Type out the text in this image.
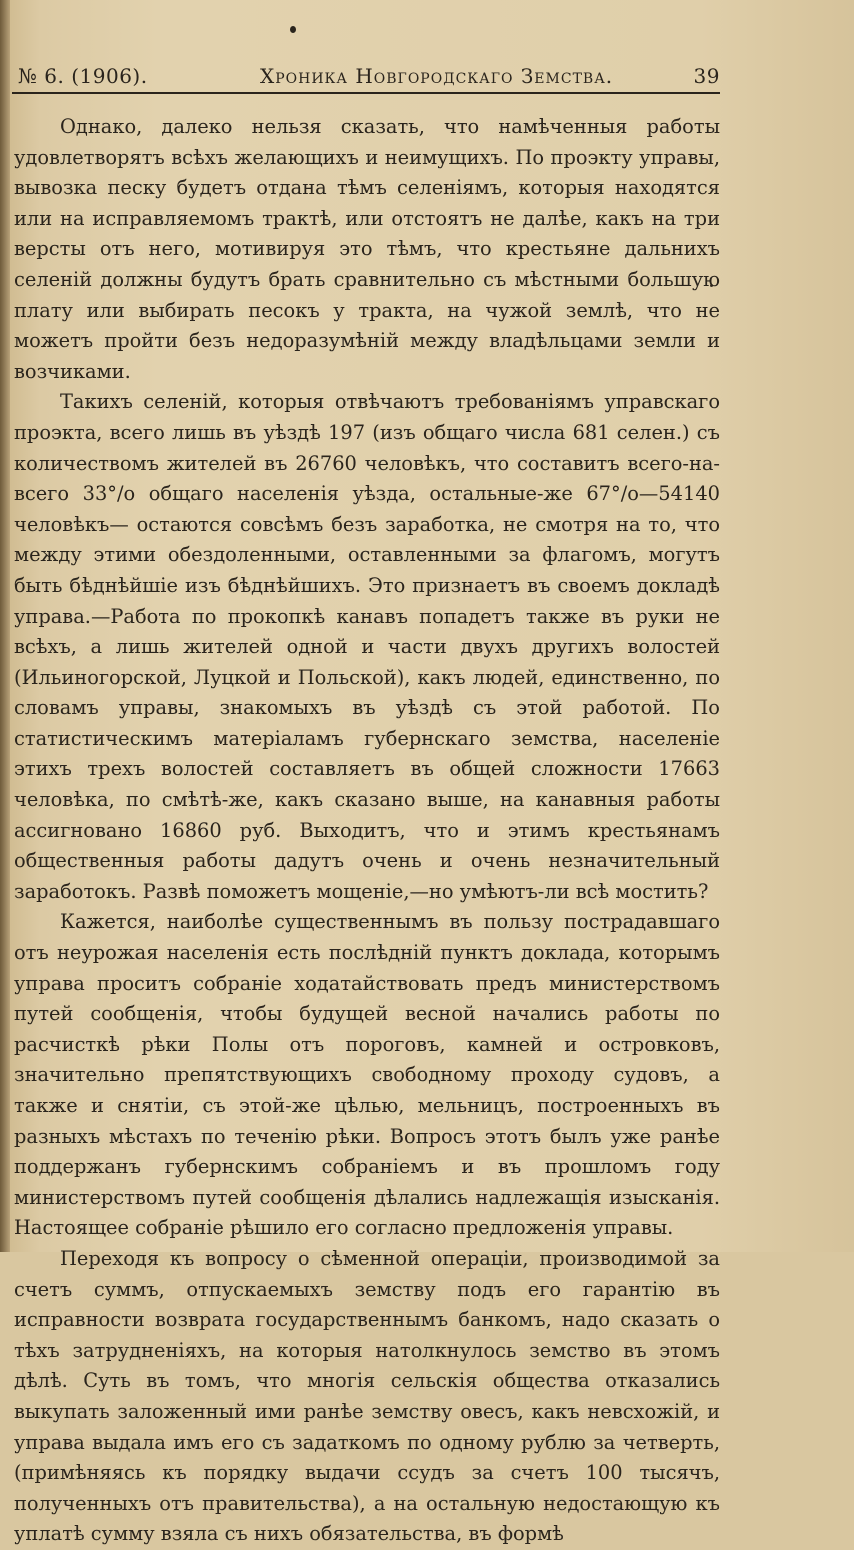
№ 6. (1906).	Хроника Новгородскаго Земства.	39

Однако, далеко нельзя сказать, что намѣченныя работы удовлетворятъ всѣхъ желающихъ и неимущихъ. По проэкту управы, вывозка песку будетъ отдана тѣмъ селеніямъ, которыя находятся или на исправляемомъ трактѣ, или отстоятъ не далѣе, какъ на три версты отъ него, мотивируя это тѣмъ, что крестьяне дальнихъ селеній должны будутъ брать сравнительно съ мѣстными большую плату или выбирать песокъ у тракта, на чужой землѣ, что не можетъ пройти безъ недоразумѣній между владѣльцами земли и возчиками.

Такихъ селеній, которыя отвѣчаютъ требованіямъ управскаго проэкта, всего лишь въ уѣздѣ 197 (изъ общаго числа 681 селен.) съ количествомъ жителей въ 26760 человѣкъ, что составитъ всего-на-всего 33°/o общаго населенія уѣзда, остальные-же 67°/o—54140 человѣкъ— остаются совсѣмъ безъ заработка, не смотря на то, что между этими обездоленными, оставленными за флагомъ, могутъ быть бѣднѣйшіе изъ бѣднѣйшихъ. Это признаетъ въ своемъ докладѣ управа.—Работа по прокопкѣ канавъ попадетъ также въ руки не всѣхъ, а лишь жителей одной и части двухъ другихъ волостей (Ильиногорской, Луцкой и Польской), какъ людей, единственно, по словамъ управы, знакомыхъ въ уѣздѣ съ этой работой. По статистическимъ матеріаламъ губернскаго земства, населеніе этихъ трехъ волостей составляетъ въ общей сложности 17663 человѣка, по смѣтѣ-же, какъ сказано выше, на канавныя работы ассигновано 16860 руб. Выходитъ, что и этимъ крестьянамъ общественныя работы дадутъ очень и очень незначительный заработокъ. Развѣ поможетъ мощеніе,—но умѣютъ-ли всѣ мостить?

Кажется, наиболѣе существеннымъ въ пользу пострадавшаго отъ неурожая населенія есть послѣдній пунктъ доклада, которымъ управа проситъ собраніе ходатайствовать предъ министерствомъ путей сообщенія, чтобы будущей весной начались работы по расчисткѣ рѣки Полы отъ пороговъ, камней и островковъ, значительно препятствующихъ свободному проходу судовъ, а также и снятіи, съ этой-же цѣлью, мельницъ, построенныхъ въ разныхъ мѣстахъ по теченію рѣки. Вопросъ этотъ былъ уже ранѣе поддержанъ губернскимъ собраніемъ и въ прошломъ году министерствомъ путей сообщенія дѣлались надлежащія изысканія. Настоящее собраніе рѣшило его согласно предложенія управы.

Переходя къ вопросу о сѣменной операціи, производимой за счетъ суммъ, отпускаемыхъ земству подъ его гарантію въ исправности возврата государственнымъ банкомъ, надо сказать о тѣхъ затрудненіяхъ, на которыя натолкнулось земство въ этомъ дѣлѣ. Суть въ томъ, что многія сельскія общества отказались выкупать заложенный ими ранѣе земству овесъ, какъ невсхожій, и управа выдала имъ его съ задаткомъ по одному рублю за четверть, (примѣняясь къ порядку выдачи ссудъ за счетъ 100 тысячъ, полученныхъ отъ правительства), а на остальную недостающую къ уплатѣ сумму взяла съ нихъ обязательства, въ формѣ
